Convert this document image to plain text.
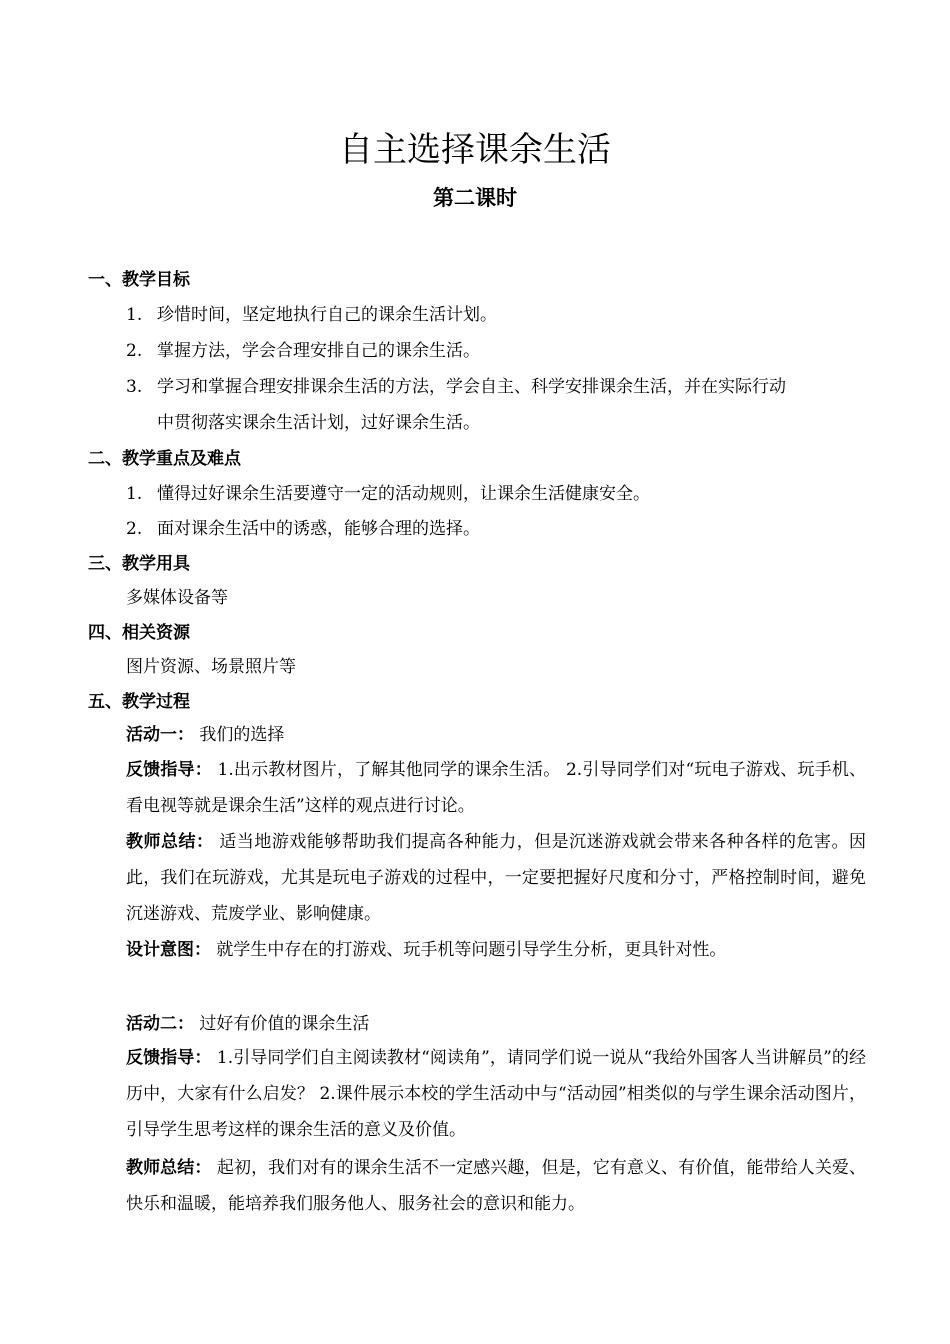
自主选择课余生活
第二课时
一、教学目标
1. 珍惜时间，坚定地执行自己的课余生活计划。
2. 掌握方法，学会合理安排自己的课余生活。
3. 学习和掌握合理安排课余生活的方法，学会自主、科学安排课余生活，并在实际行动
中贯彻落实课余生活计划，过好课余生活。
二、教学重点及难点
1. 懂得过好课余生活要遵守一定的活动规则，让课余生活健康安全。
2. 面对课余生活中的诱惑，能够合理的选择。
三、教学用具
多媒体设备等
四、相关资源
图片资源、场景照片等
五、教学过程
活动一： 我们的选择
反馈指导： 1.出示教材图片，了解其他同学的课余生活。 2.引导同学们对“玩电子游戏、玩手机、看电视等就是课余生活”这样的观点进行讨论。
教师总结： 适当地游戏能够帮助我们提高各种能力，但是沉迷游戏就会带来各种各样的危害。因此，我们在玩游戏，尤其是玩电子游戏的过程中，一定要把握好尺度和分寸，严格控制时间，避免沉迷游戏、荒废学业、影响健康。
设计意图： 就学生中存在的打游戏、玩手机等问题引导学生分析，更具针对性。
活动二： 过好有价值的课余生活
反馈指导： 1.引导同学们自主阅读教材“阅读角”，请同学们说一说从“我给外国客人当讲解员”的经历中，大家有什么启发？ 2.课件展示本校的学生活动中与“活动园”相类似的与学生课余活动图片，引导学生思考这样的课余生活的意义及价值。
教师总结： 起初，我们对有的课余生活不一定感兴趣，但是，它有意义、有价值，能带给人关爱、快乐和温暖，能培养我们服务他人、服务社会的意识和能力。
